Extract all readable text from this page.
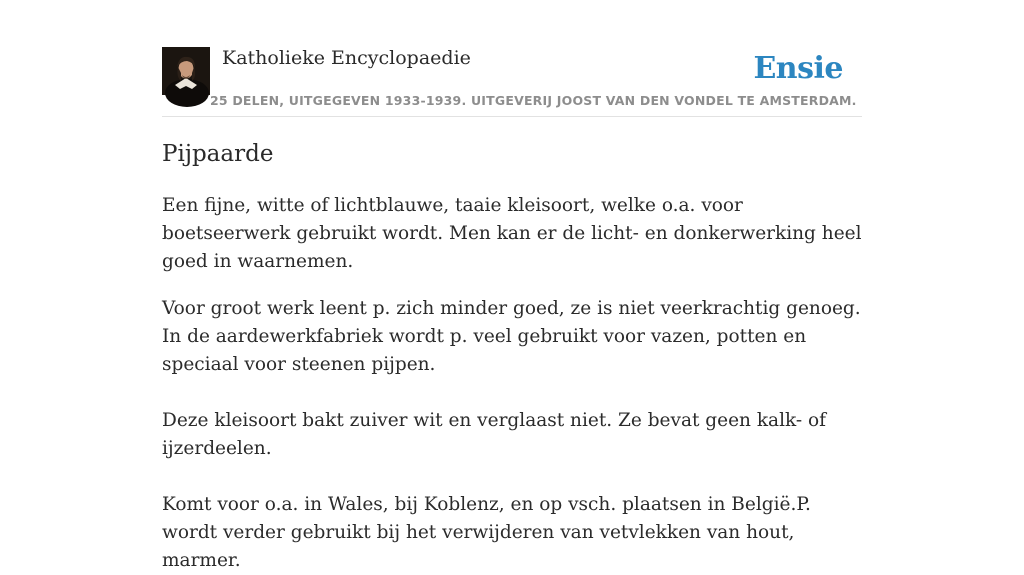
Katholieke Encyclopaedie
25 DELEN, UITGEGEVEN 1933-1939. UITGEVERIJ JOOST VAN DEN VONDEL TE AMSTERDAM.
Ensie
Pijpaarde

Een fijne, witte of lichtblauwe, taaie kleisoort, welke o.a. voor boetseerwerk gebruikt wordt. Men kan er de licht- en donkerwerking heel goed in waarnemen.

Voor groot werk leent p. zich minder goed, ze is niet veerkrachtig genoeg. In de aardewerkfabriek wordt p. veel gebruikt voor vazen, potten en speciaal voor steenen pijpen.

Deze kleisoort bakt zuiver wit en verglaast niet. Ze bevat geen kalk- of ijzerdeelen.

Komt voor o.a. in Wales, bij Koblenz, en op vsch. plaatsen in België.P. wordt verder gebruikt bij het verwijderen van vetvlekken van hout, marmer.
